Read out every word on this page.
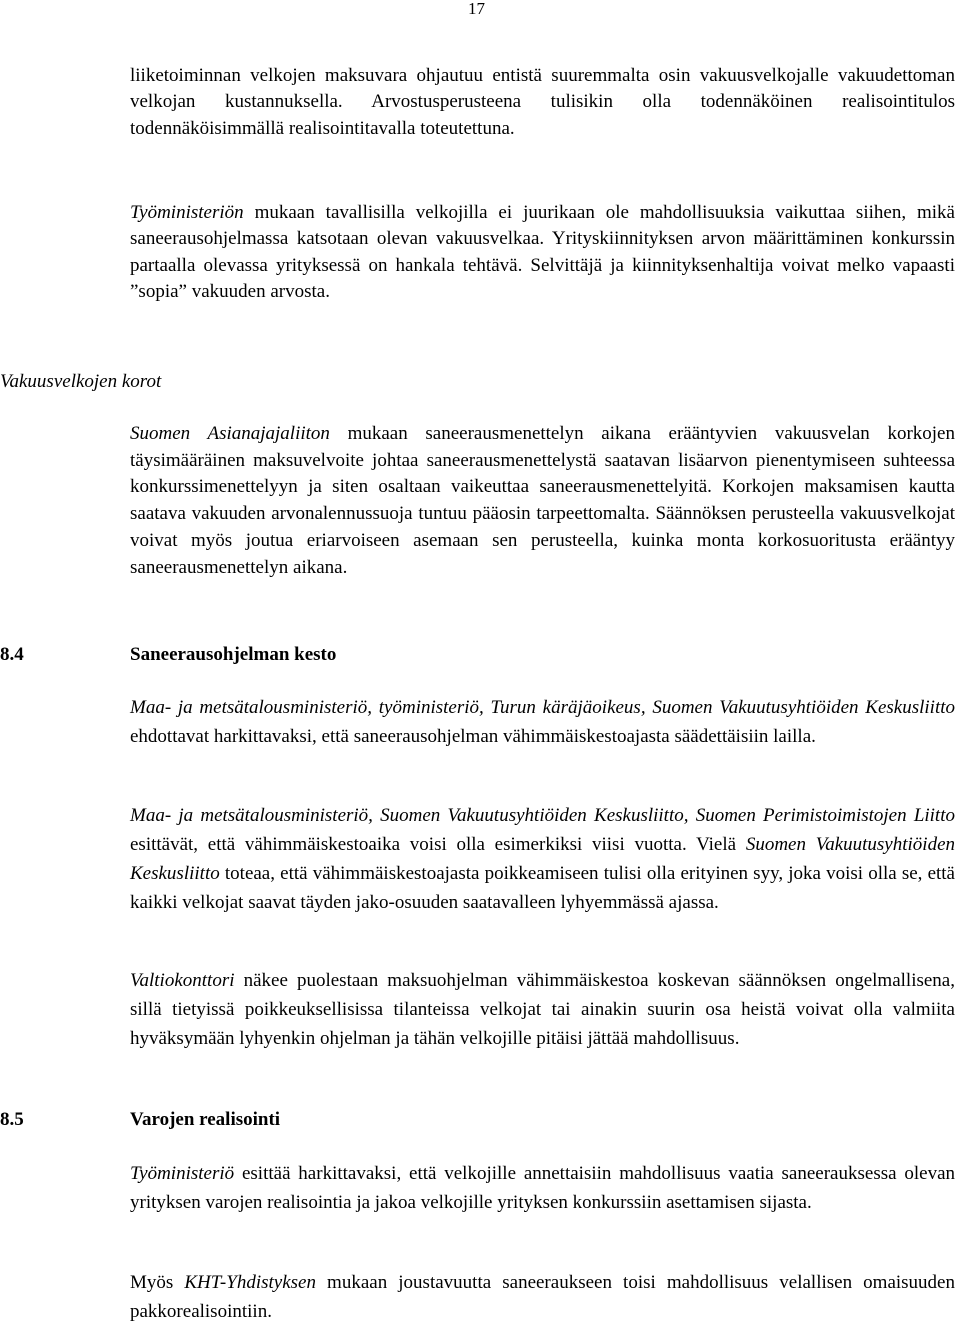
17

liiketoiminnan velkojen maksuvara ohjautuu entistä suuremmalta osin vakuusvelkojalle vakuudettoman velkojan kustannuksella. Arvostusperusteena tulisikin olla todennäköinen realisointitulos todennäköisimmällä realisointitavalla toteutettuna.

Työministeriön mukaan tavallisilla velkojilla ei juurikaan ole mahdollisuuksia vaikuttaa siihen, mikä saneerausohjelmassa katsotaan olevan vakuusvelkaa. Yrityskiinnityksen arvon määrittäminen konkurssin partaalla olevassa yrityksessä on hankala tehtävä. Selvittäjä ja kiinnityksenhaltija voivat melko vapaasti ”sopia” vakuuden arvosta.

Vakuusvelkojen korot

Suomen Asianajajaliiton mukaan saneerausmenettelyn aikana erääntyvien vakuusvelan korkojen täysimääräinen maksuvelvoite johtaa saneerausmenettelystä saatavan lisäarvon pienentymiseen suhteessa konkurssimenettelyyn ja siten osaltaan vaikeuttaa saneerausmenettelyitä. Korkojen maksamisen kautta saatava vakuuden arvonalennussuoja tuntuu pääosin tarpeettomalta. Säännöksen perusteella vakuusvelkojat voivat myös joutua eriarvoiseen asemaan sen perusteella, kuinka monta korkosuoritusta erääntyy saneerausmenettelyn aikana.

8.4	Saneerausohjelman kesto

Maa- ja metsätalousministeriö, työministeriö, Turun käräjäoikeus, Suomen Vakuutusyhtiöiden Keskusliitto ehdottavat harkittavaksi, että saneerausohjelman vähimmäiskestoajasta säädettäisiin lailla.

Maa- ja metsätalousministeriö, Suomen Vakuutusyhtiöiden Keskusliitto, Suomen Perimistoimistojen Liitto esittävät, että vähimmäiskestoaika voisi olla esimerkiksi viisi vuotta. Vielä Suomen Vakuutusyhtiöiden Keskusliitto toteaa, että vähimmäiskestoajasta poikkeamiseen tulisi olla erityinen syy, joka voisi olla se, että kaikki velkojat saavat täyden jako-osuuden saatavalleen lyhyemmässä ajassa.

Valtiokonttori näkee puolestaan maksuohjelman vähimmäiskestoa koskevan säännöksen ongelmallisena, sillä tietyissä poikkeuksellisissa tilanteissa velkojat tai ainakin suurin osa heistä voivat olla valmiita hyväksymään lyhyenkin ohjelman ja tähän velkojille pitäisi jättää mahdollisuus.

8.5	Varojen realisointi

Työministeriö esittää harkittavaksi, että velkojille annettaisiin mahdollisuus vaatia saneerauksessa olevan yrityksen varojen realisointia ja jakoa velkojille yrityksen konkurssiin asettamisen sijasta.

Myös KHT-Yhdistyksen mukaan joustavuutta saneeraukseen toisi mahdollisuus velallisen omaisuuden pakkorealisointiin.
